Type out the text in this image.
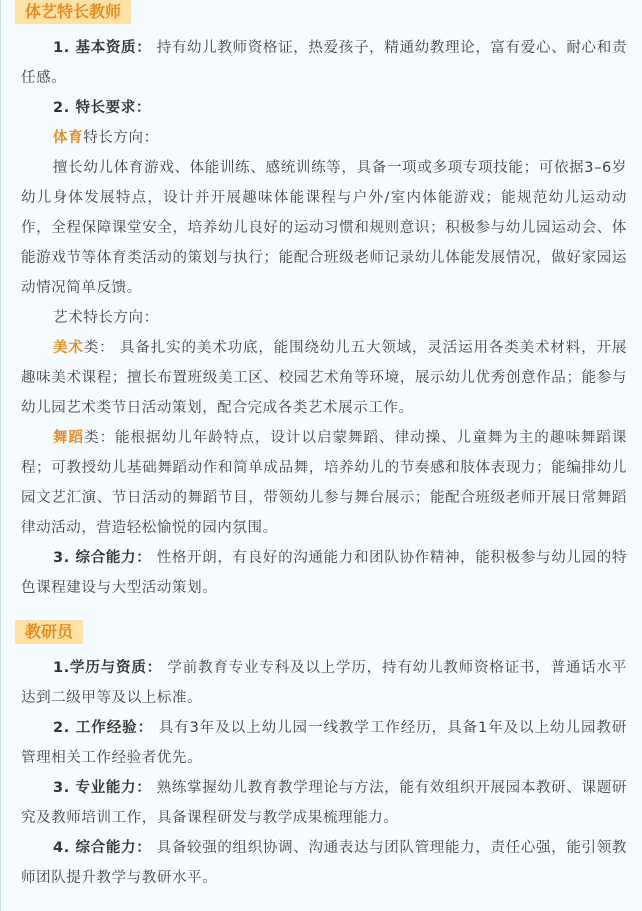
体艺特长教师

1. 基本资质： 持有幼儿教师资格证，热爱孩子，精通幼教理论，富有爱心、耐心和责任感。

2. 特长要求：

体育特长方向：

擅长幼儿体育游戏、体能训练、感统训练等，具备一项或多项专项技能；可依据3–6岁幼儿身体发展特点，设计并开展趣味体能课程与户外/室内体能游戏；能规范幼儿运动动作，全程保障课堂安全，培养幼儿良好的运动习惯和规则意识；积极参与幼儿园运动会、体能游戏节等体育类活动的策划与执行；能配合班级老师记录幼儿体能发展情况，做好家园运动情况简单反馈。

艺术特长方向：

美术类： 具备扎实的美术功底，能围绕幼儿五大领域，灵活运用各类美术材料，开展趣味美术课程；擅长布置班级美工区、校园艺术角等环境，展示幼儿优秀创意作品；能参与幼儿园艺术类节日活动策划，配合完成各类艺术展示工作。

舞蹈类：能根据幼儿年龄特点，设计以启蒙舞蹈、律动操、儿童舞为主的趣味舞蹈课程；可教授幼儿基础舞蹈动作和简单成品舞，培养幼儿的节奏感和肢体表现力；能编排幼儿园文艺汇演、节日活动的舞蹈节目，带领幼儿参与舞台展示；能配合班级老师开展日常舞蹈律动活动，营造轻松愉悦的园内氛围。

3. 综合能力： 性格开朗，有良好的沟通能力和团队协作精神，能积极参与幼儿园的特色课程建设与大型活动策划。

教研员

1.学历与资质： 学前教育专业专科及以上学历，持有幼儿教师资格证书，普通话水平达到二级甲等及以上标准。

2. 工作经验： 具有3年及以上幼儿园一线教学工作经历，具备1年及以上幼儿园教研管理相关工作经验者优先。

3. 专业能力： 熟练掌握幼儿教育教学理论与方法，能有效组织开展园本教研、课题研究及教师培训工作，具备课程研发与教学成果梳理能力。

4. 综合能力： 具备较强的组织协调、沟通表达与团队管理能力，责任心强，能引领教师团队提升教学与教研水平。
